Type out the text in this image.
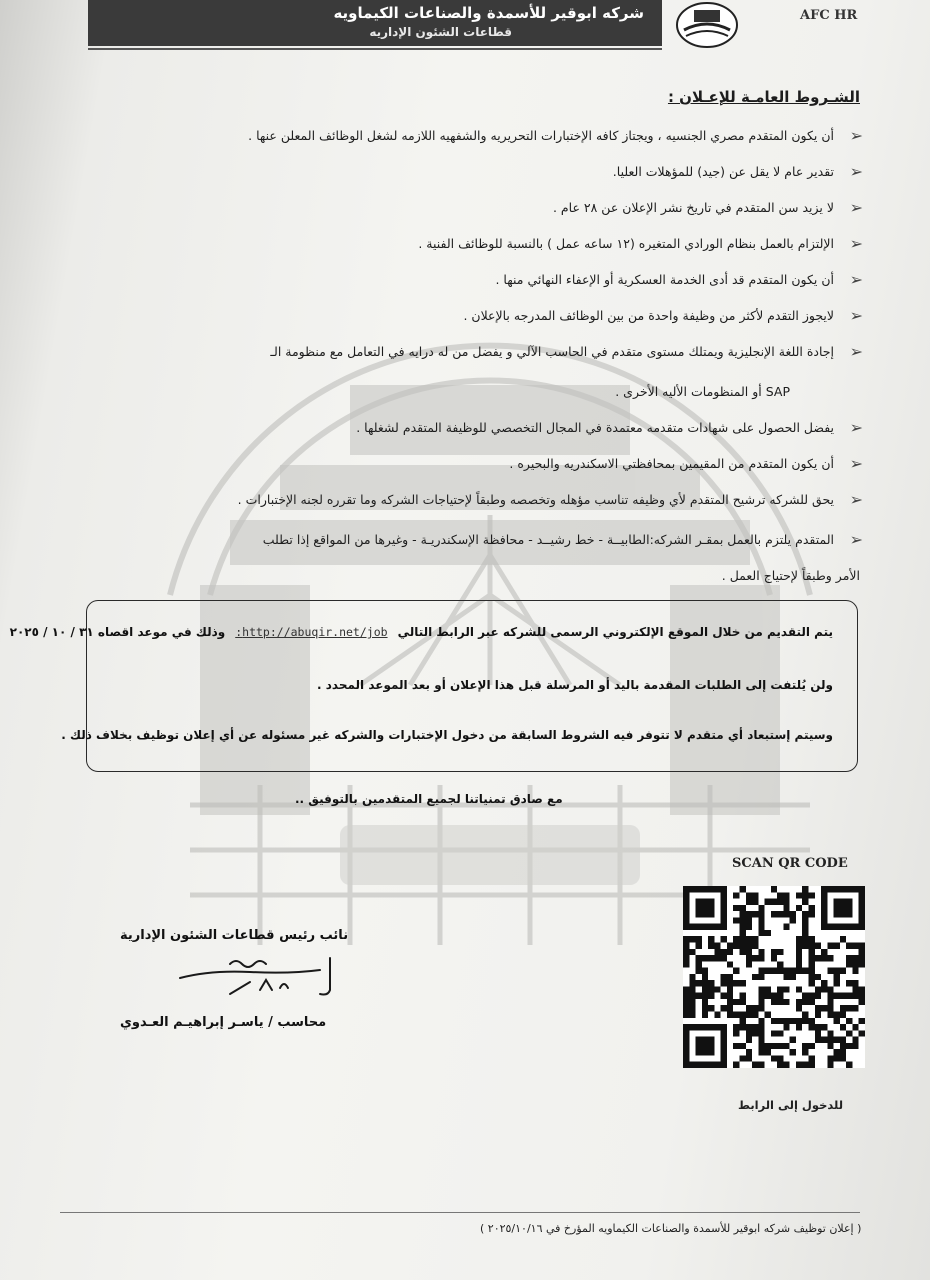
شركه ابوقير للأسمدة والصناعات الكيماويه
قطاعات الشئون الإداريه
AFC HR
الشـروط العامـة للإعـلان :
➢
أن يكون المتقدم مصري الجنسيه ، ويجتاز كافه الإختبارات التحريريه والشفهيه اللازمه لشغل الوظائف المعلن عنها .
➢
تقدير عام لا يقل عن (جيد) للمؤهلات العليا.
➢
لا يزيد سن المتقدم في تاريخ نشر الإعلان عن ٢٨ عام .
➢
الإلتزام بالعمل بنظام الورادي المتغيره (١٢ ساعه عمل ) بالنسبة للوظائف الفنية .
➢
أن يكون المتقدم قد أدى الخدمة العسكرية أو الإعفاء النهائي منها .
➢
لايجوز التقدم لأكثر من وظيفة واحدة من بين الوظائف المدرجه بالإعلان .
➢
إجادة اللغة الإنجليزية ويمتلك مستوى متقدم في الحاسب الآلي و يفضل من له درايه في التعامل مع منظومة الـ
SAP أو المنظومات الأليه الأخرى .
➢
يفضل الحصول على شهادات متقدمه معتمدة في المجال التخصصي للوظيفة المتقدم لشغلها .
➢
أن يكون المتقدم من المقيمين بمحافظتي الاسكندريه والبحيره .
➢
يحق للشركه ترشيح المتقدم لأي وظيفه تناسب مؤهله وتخصصه وطبقاً لإحتياجات الشركه وما تقرره لجنه الإختبارات .
➢
المتقدم يلتزم بالعمل بمقـر الشركه:الطابيــة - خط رشيــد - محافظة الإسكندريـة - وغيرها من المواقع إذا تطلب
الأمر وطبقاً لإحتياج العمل .
يتم التقديم من خلال الموقع الإلكتروني الرسمى للشركه عبر الرابط التاليhttp://abuqir.net/job:وذلك في موعد اقصاه ٣١ / ١٠ / ٢٠٢٥
ولن يُلتفت إلى الطلبات المقدمة باليد أو المرسلة قبل هذا الإعلان أو بعد الموعد المحدد .
وسيتم إستبعاد أي متقدم لا تتوفر فيه الشروط السابقة من دخول الإختبارات والشركه غير مسئوله عن أي إعلان توظيف بخلاف ذلك .
مع صادق تمنياتنا لجميع المتقدمين بالتوفيق ..
SCAN QR CODE
للدخول إلى الرابط
نائب رئيس قطاعات الشئون الإدارية
محاسب / ياسـر إبراهيـم العـدوي
( إعلان توظيف شركه ابوقير للأسمدة والصناعات الكيماويه المؤرخ في ٢٠٢٥/١٠/١٦ )
